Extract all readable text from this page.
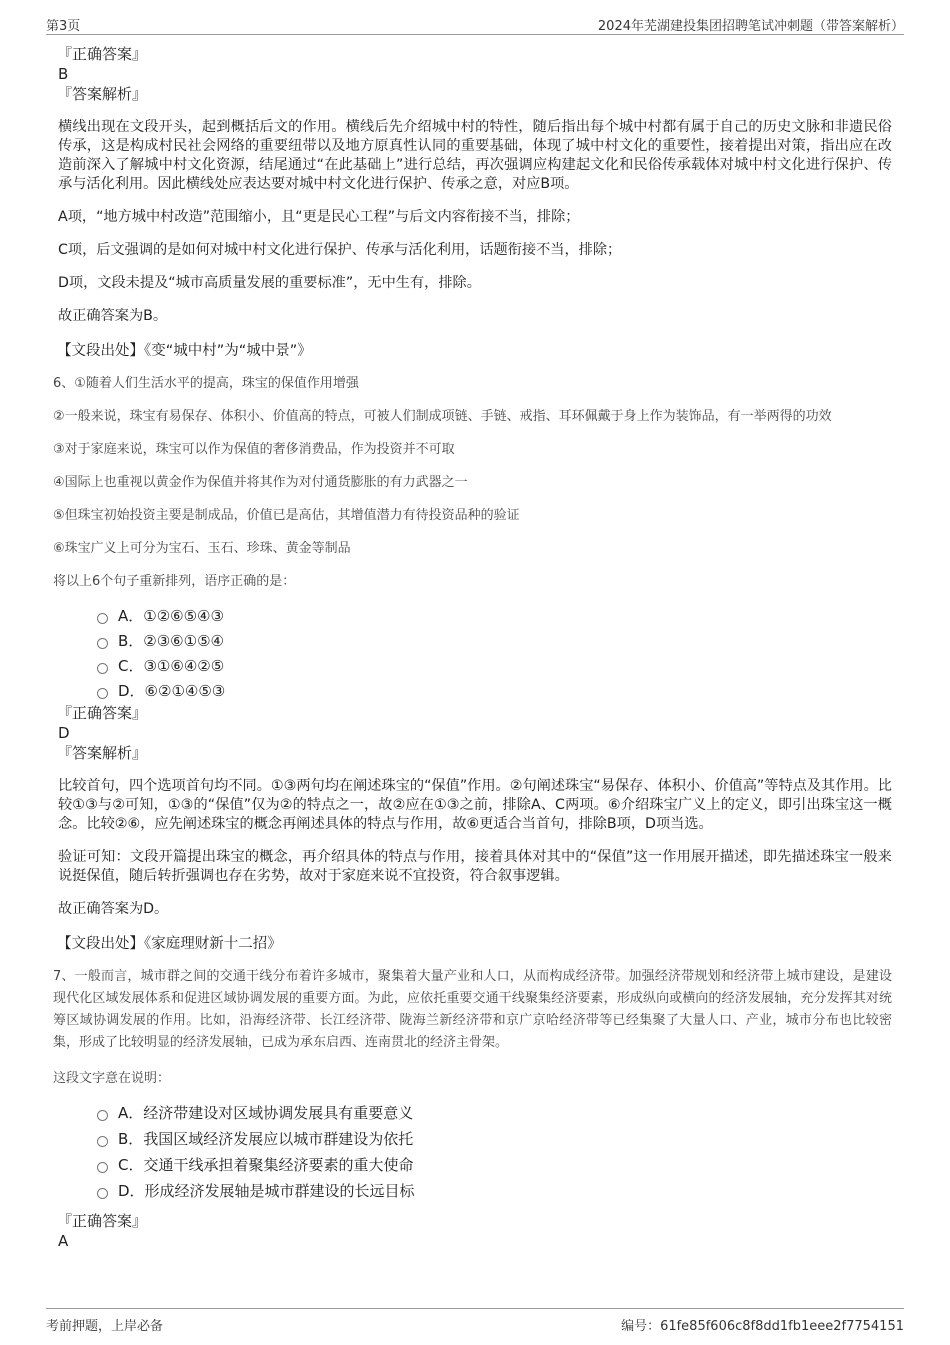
第3页	2024年芜湖建投集团招聘笔试冲刺题（带答案解析）

『正确答案』

B

『答案解析』

横线出现在文段开头，起到概括后文的作用。横线后先介绍城中村的特性，随后指出每个城中村都有属于自己的历史文脉和非遗民俗传承，这是构成村民社会网络的重要纽带以及地方原真性认同的重要基础，体现了城中村文化的重要性，接着提出对策，指出应在改造前深入了解城中村文化资源，结尾通过“在此基础上”进行总结，再次强调应构建起文化和民俗传承载体对城中村文化进行保护、传承与活化利用。因此横线处应表达要对城中村文化进行保护、传承之意，对应B项。

A项，“地方城中村改造”范围缩小，且“更是民心工程”与后文内容衔接不当，排除；

C项，后文强调的是如何对城中村文化进行保护、传承与活化利用，话题衔接不当，排除；

D项，文段未提及“城市高质量发展的重要标准”，无中生有，排除。

故正确答案为B。

【文段出处】《变“城中村”为“城中景”》

6、①随着人们生活水平的提高，珠宝的保值作用增强

②一般来说，珠宝有易保存、体积小、价值高的特点，可被人们制成项链、手链、戒指、耳环佩戴于身上作为装饰品，有一举两得的功效

③对于家庭来说，珠宝可以作为保值的奢侈消费品，作为投资并不可取

④国际上也重视以黄金作为保值并将其作为对付通货膨胀的有力武器之一

⑤但珠宝初始投资主要是制成品，价值已是高估，其增值潜力有待投资品种的验证

⑥珠宝广义上可分为宝石、玉石、珍珠、黄金等制品

将以上6个句子重新排列，语序正确的是：

A．①②⑥⑤④③
B．②③⑥①⑤④
C．③①⑥④②⑤
D．⑥②①④⑤③

『正确答案』

D

『答案解析』

比较首句，四个选项首句均不同。①③两句均在阐述珠宝的“保值”作用。②句阐述珠宝“易保存、体积小、价值高”等特点及其作用。比较①③与②可知，①③的“保值”仅为②的特点之一，故②应在①③之前，排除A、C两项。⑥介绍珠宝广义上的定义，即引出珠宝这一概念。比较②⑥，应先阐述珠宝的概念再阐述具体的特点与作用，故⑥更适合当首句，排除B项，D项当选。

验证可知：文段开篇提出珠宝的概念，再介绍具体的特点与作用，接着具体对其中的“保值”这一作用展开描述，即先描述珠宝一般来说挺保值，随后转折强调也存在劣势，故对于家庭来说不宜投资，符合叙事逻辑。

故正确答案为D。

【文段出处】《家庭理财新十二招》

7、一般而言，城市群之间的交通干线分布着许多城市，聚集着大量产业和人口，从而构成经济带。加强经济带规划和经济带上城市建设，是建设现代化区域发展体系和促进区域协调发展的重要方面。为此，应依托重要交通干线聚集经济要素，形成纵向或横向的经济发展轴，充分发挥其对统筹区域协调发展的作用。比如，沿海经济带、长江经济带、陇海兰新经济带和京广京哈经济带等已经集聚了大量人口、产业，城市分布也比较密集，形成了比较明显的经济发展轴，已成为承东启西、连南贯北的经济主骨架。

这段文字意在说明：

A．经济带建设对区域协调发展具有重要意义
B．我国区域经济发展应以城市群建设为依托
C．交通干线承担着聚集经济要素的重大使命
D．形成经济发展轴是城市群建设的长远目标

『正确答案』

A

考前押题，上岸必备	编号：61fe85f606c8f8dd1fb1eee2f7754151
